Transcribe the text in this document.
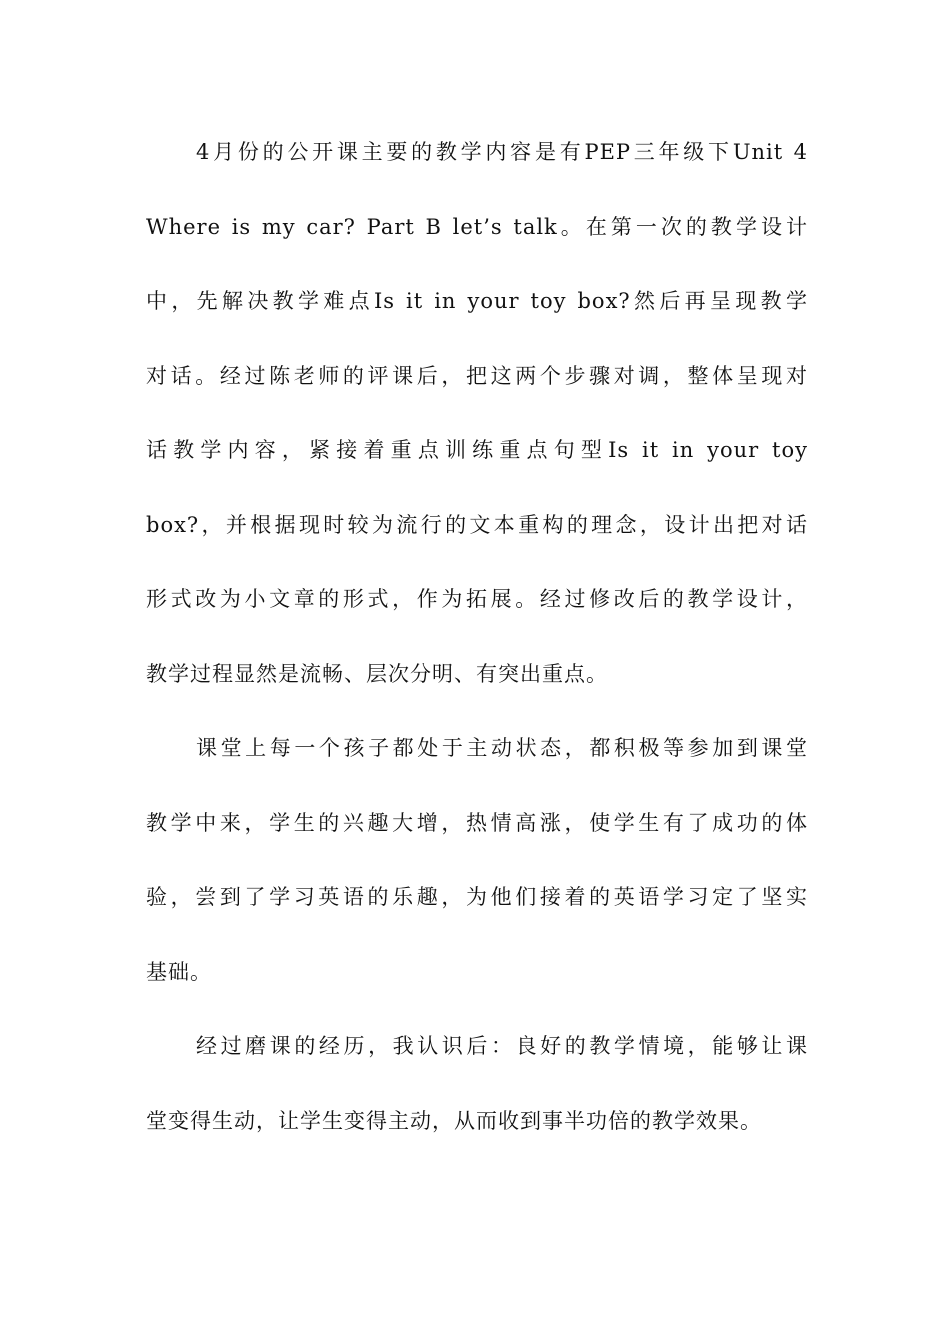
4月份的公开课主要的教学内容是有PEP三年级下Unit 4
Where is my car? Part B let’s talk。在第一次的教学设计
中，先解决教学难点Is it in your toy box?然后再呈现教学
对话。经过陈老师的评课后，把这两个步骤对调，整体呈现对
话教学内容，紧接着重点训练重点句型Is it in your toy
box?，并根据现时较为流行的文本重构的理念，设计出把对话
形式改为小文章的形式，作为拓展。经过修改后的教学设计，
教学过程显然是流畅、层次分明、有突出重点。
课堂上每一个孩子都处于主动状态，都积极等参加到课堂
教学中来，学生的兴趣大增，热情高涨，使学生有了成功的体
验，尝到了学习英语的乐趣，为他们接着的英语学习定了坚实
基础。
经过磨课的经历，我认识后：良好的教学情境，能够让课
堂变得生动，让学生变得主动，从而收到事半功倍的教学效果。
